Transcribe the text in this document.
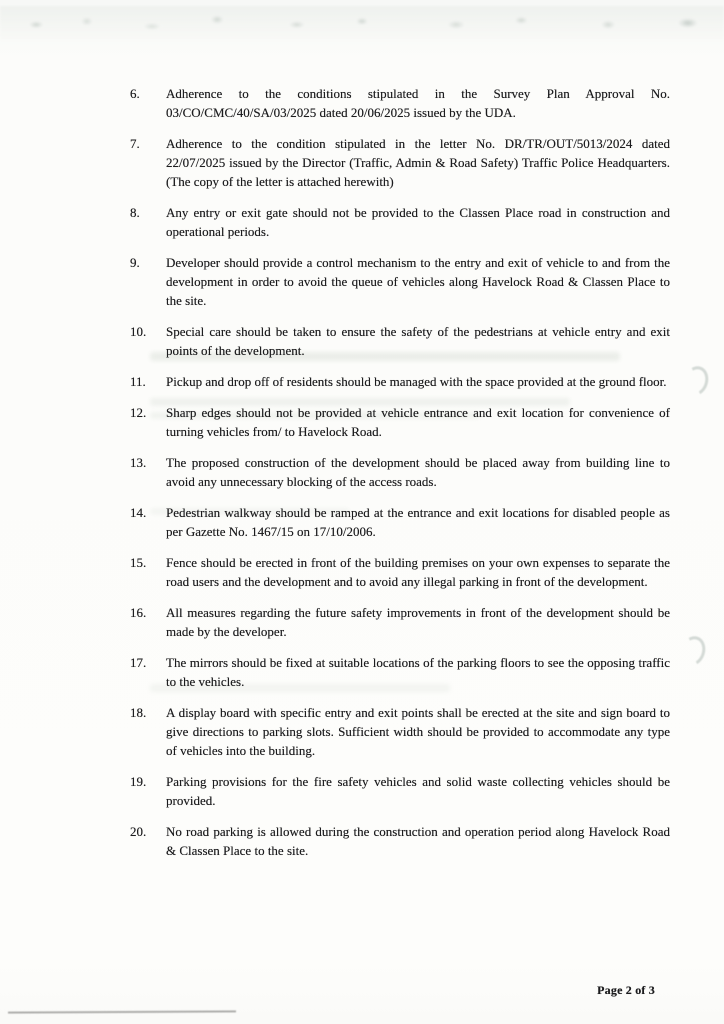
6.	Adherence to the conditions stipulated in the Survey Plan Approval No. 03/CO/CMC/40/SA/03/2025 dated 20/06/2025 issued by the UDA.
7.	Adherence to the condition stipulated in the letter No. DR/TR/OUT/5013/2024 dated 22/07/2025 issued by the Director (Traffic, Admin & Road Safety) Traffic Police Headquarters. (The copy of the letter is attached herewith)
8.	Any entry or exit gate should not be provided to the Classen Place road in construction and operational periods.
9.	Developer should provide a control mechanism to the entry and exit of vehicle to and from the development in order to avoid the queue of vehicles along Havelock Road & Classen Place to the site.
10.	Special care should be taken to ensure the safety of the pedestrians at vehicle entry and exit points of the development.
11.	Pickup and drop off of residents should be managed with the space provided at the ground floor.
12.	Sharp edges should not be provided at vehicle entrance and exit location for convenience of turning vehicles from/ to Havelock Road.
13.	The proposed construction of the development should be placed away from building line to avoid any unnecessary blocking of the access roads.
14.	Pedestrian walkway should be ramped at the entrance and exit locations for disabled people as per Gazette No. 1467/15 on 17/10/2006.
15.	Fence should be erected in front of the building premises on your own expenses to separate the road users and the development and to avoid any illegal parking in front of the development.
16.	All measures regarding the future safety improvements in front of the development should be made by the developer.
17.	The mirrors should be fixed at suitable locations of the parking floors to see the opposing traffic to the vehicles.
18.	A display board with specific entry and exit points shall be erected at the site and sign board to give directions to parking slots. Sufficient width should be provided to accommodate any type of vehicles into the building.
19.	Parking provisions for the fire safety vehicles and solid waste collecting vehicles should be provided.
20.	No road parking is allowed during the construction and operation period along Havelock Road & Classen Place to the site.
Page 2 of 3
